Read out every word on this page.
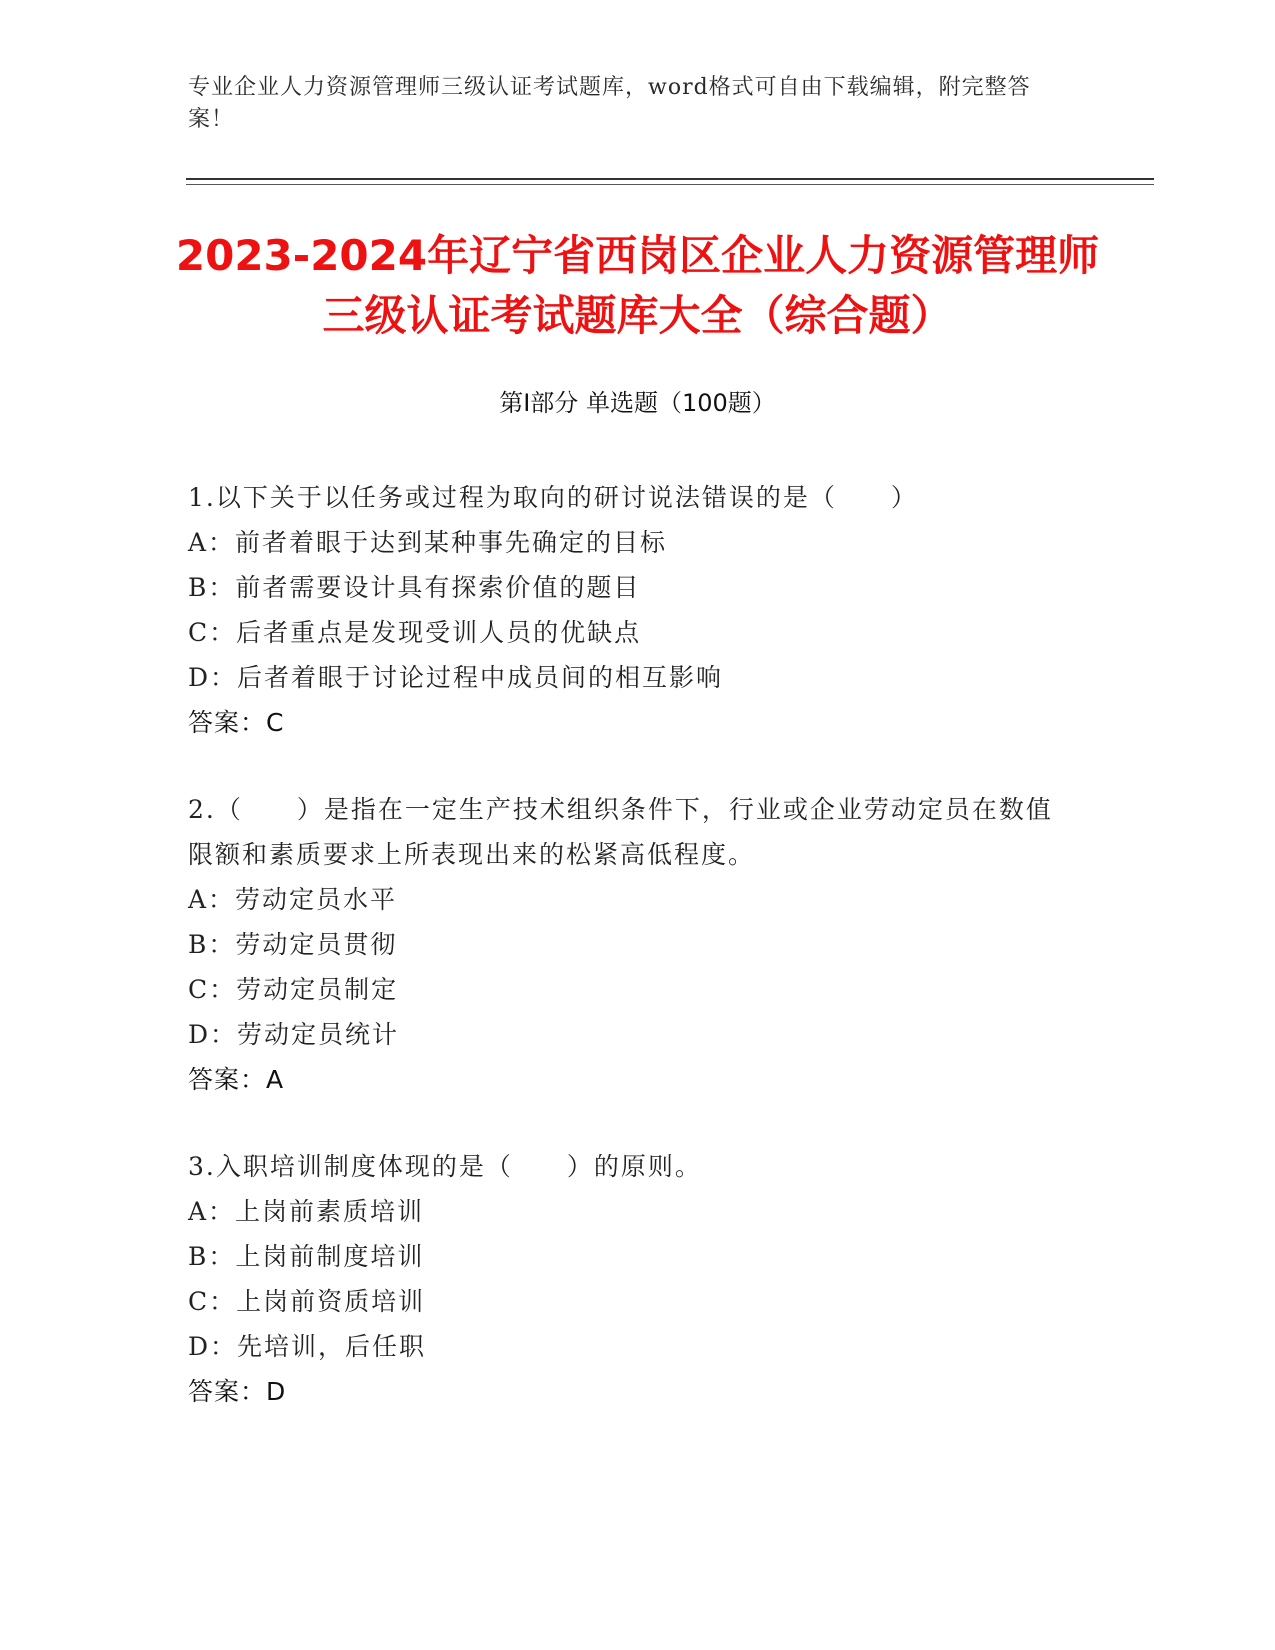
专业企业人力资源管理师三级认证考试题库，word格式可自由下载编辑，附完整答案！
2023-2024年辽宁省西岗区企业人力资源管理师三级认证考试题库大全（综合题）
第I部分 单选题（100题）
1.以下关于以任务或过程为取向的研讨说法错误的是（　　）
A：前者着眼于达到某种事先确定的目标
B：前者需要设计具有探索价值的题目
C：后者重点是发现受训人员的优缺点
D：后者着眼于讨论过程中成员间的相互影响
答案：C
2.（　　）是指在一定生产技术组织条件下，行业或企业劳动定员在数值限额和素质要求上所表现出来的松紧高低程度。
A：劳动定员水平
B：劳动定员贯彻
C：劳动定员制定
D：劳动定员统计
答案：A
3.入职培训制度体现的是（　　）的原则。
A：上岗前素质培训
B：上岗前制度培训
C：上岗前资质培训
D：先培训，后任职
答案：D
